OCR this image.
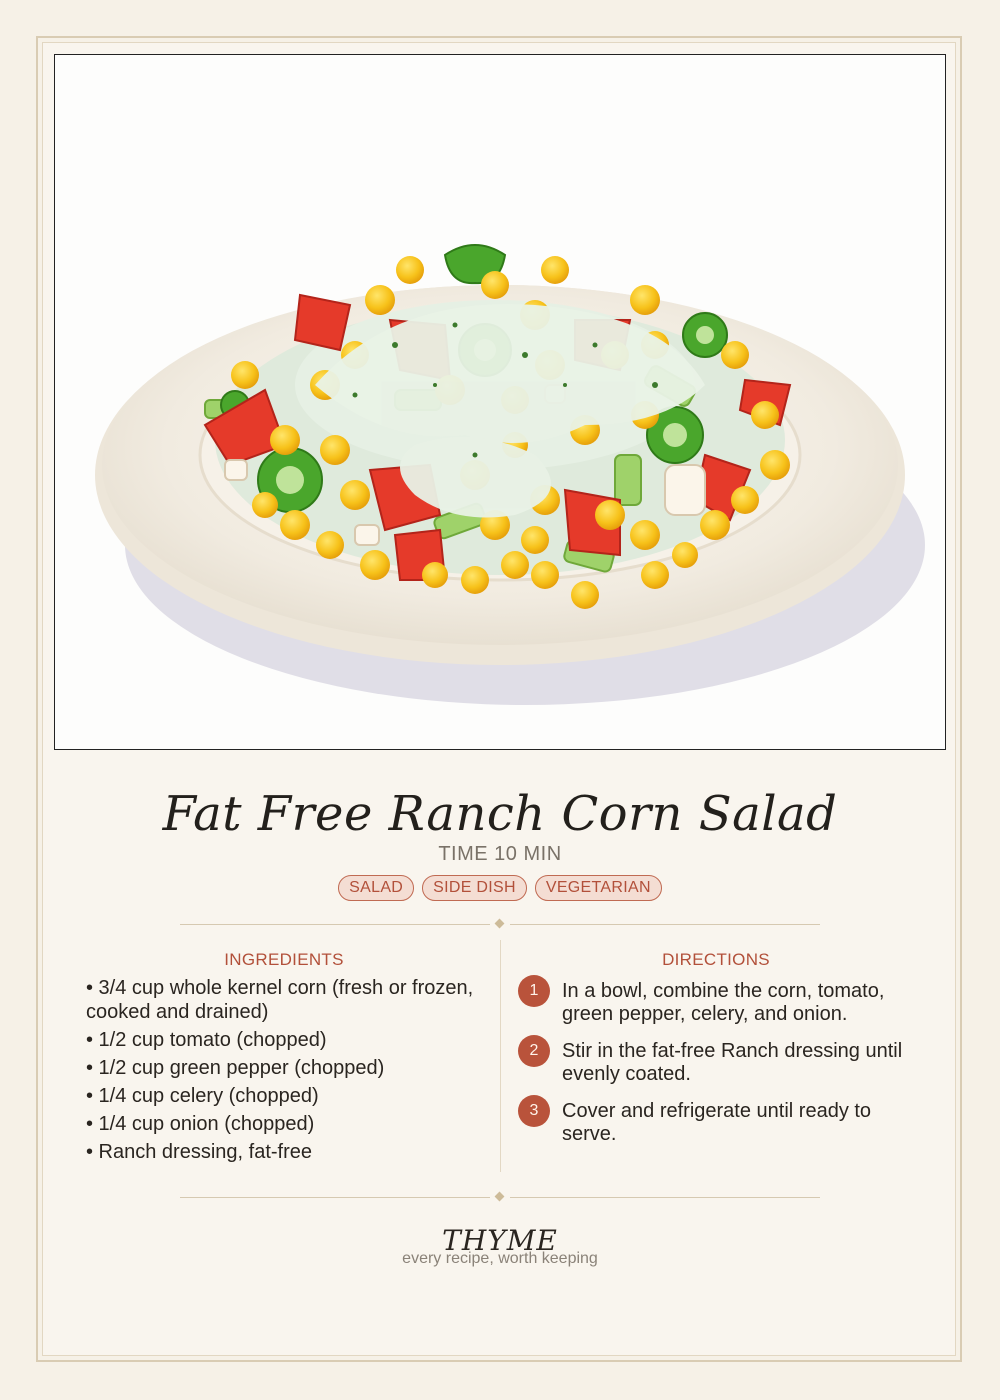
Fat Free Ranch Corn Salad
TIME 10 MIN
SALAD	SIDE DISH	VEGETARIAN
INGREDIENTS
• 3/4 cup whole kernel corn (fresh or frozen, cooked and drained)
• 1/2 cup tomato (chopped)
• 1/2 cup green pepper (chopped)
• 1/4 cup celery (chopped)
• 1/4 cup onion (chopped)
• Ranch dressing, fat-free
DIRECTIONS
1	In a bowl, combine the corn, tomato, green pepper, celery, and onion.
2	Stir in the fat-free Ranch dressing until evenly coated.
3	Cover and refrigerate until ready to serve.
THYME
every recipe, worth keeping
